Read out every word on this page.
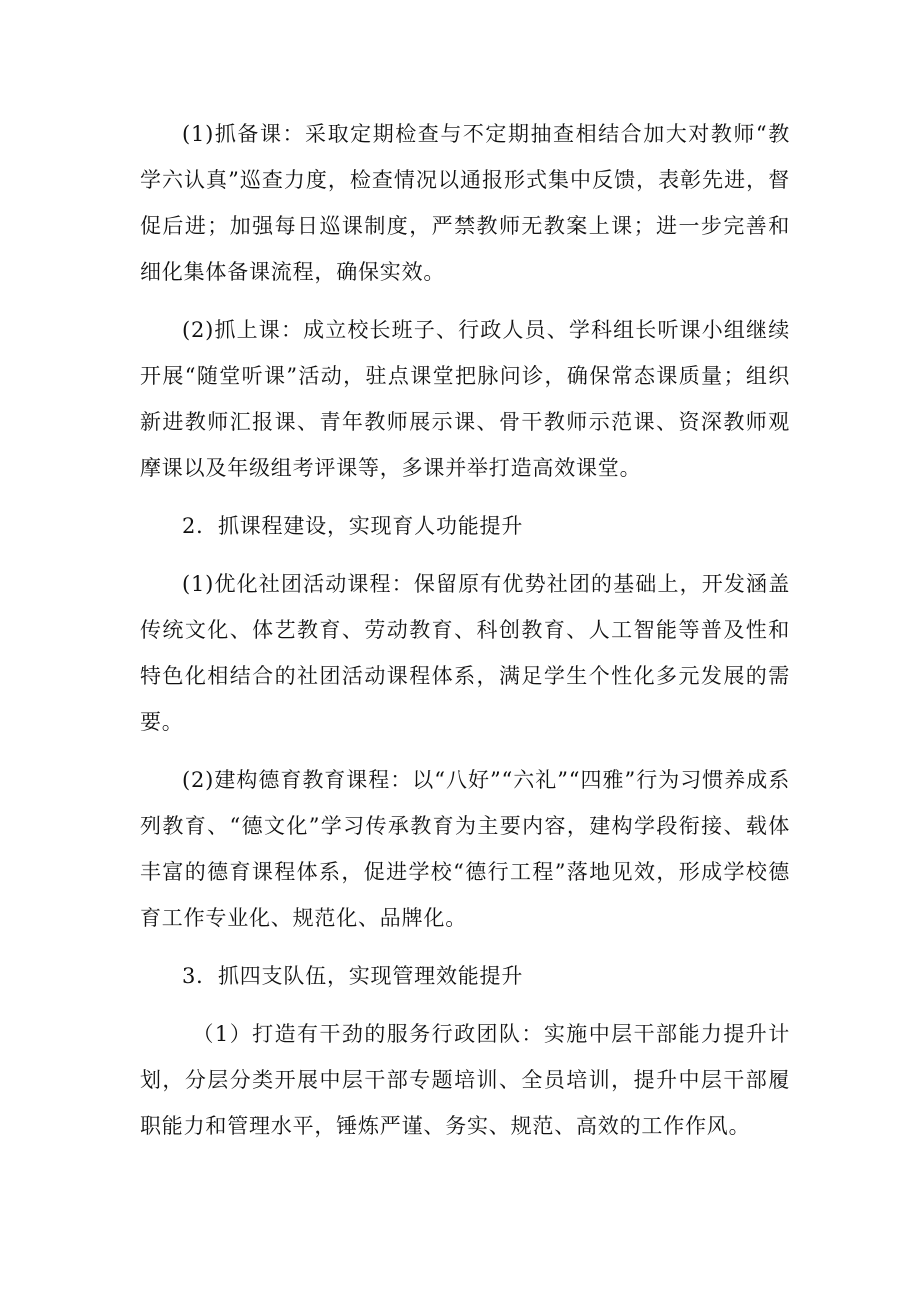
(1)抓备课：采取定期检查与不定期抽查相结合加大对教师“教学六认真”巡查力度，检查情况以通报形式集中反馈，表彰先进，督促后进；加强每日巡课制度，严禁教师无教案上课；进一步完善和细化集体备课流程，确保实效。

(2)抓上课：成立校长班子、行政人员、学科组长听课小组继续开展“随堂听课”活动，驻点课堂把脉问诊，确保常态课质量；组织新进教师汇报课、青年教师展示课、骨干教师示范课、资深教师观摩课以及年级组考评课等，多课并举打造高效课堂。

2．抓课程建设，实现育人功能提升

(1)优化社团活动课程：保留原有优势社团的基础上，开发涵盖传统文化、体艺教育、劳动教育、科创教育、人工智能等普及性和特色化相结合的社团活动课程体系，满足学生个性化多元发展的需要。

(2)建构德育教育课程：以“八好”“六礼”“四雅”行为习惯养成系列教育、“德文化”学习传承教育为主要内容，建构学段衔接、载体丰富的德育课程体系，促进学校“德行工程”落地见效，形成学校德育工作专业化、规范化、品牌化。

3．抓四支队伍，实现管理效能提升

（1）打造有干劲的服务行政团队：实施中层干部能力提升计划，分层分类开展中层干部专题培训、全员培训，提升中层干部履职能力和管理水平，锤炼严谨、务实、规范、高效的工作作风。
